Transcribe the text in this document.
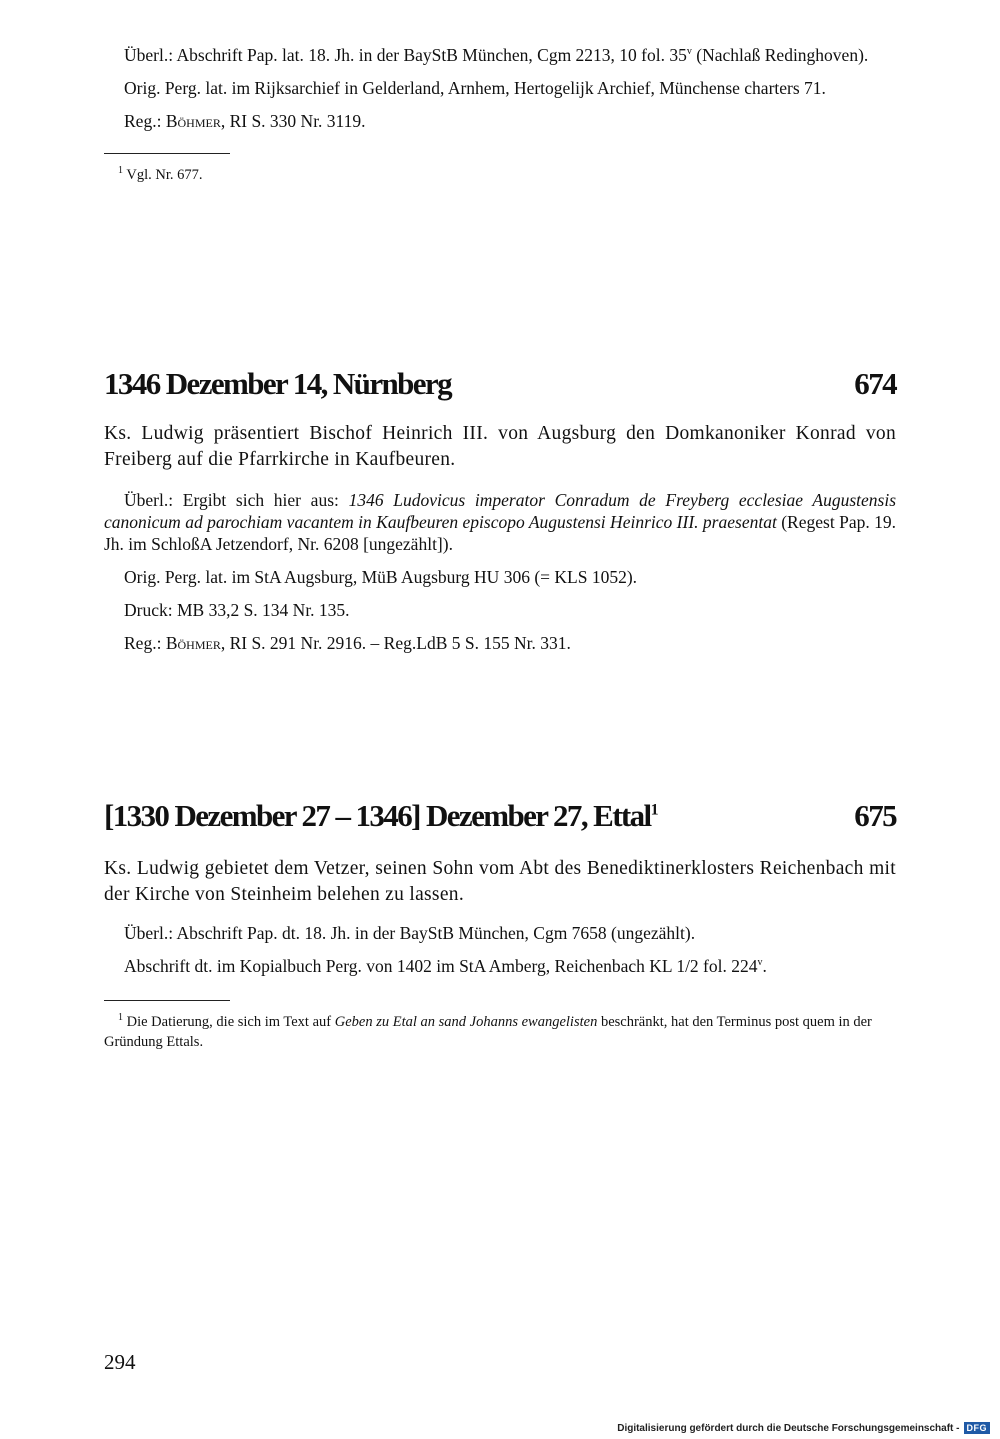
Überl.: Abschrift Pap. lat. 18. Jh. in der BayStB München, Cgm 2213, 10 fol. 35$^v$ (Nachlaß Redinghoven).

Orig. Perg. lat. im Rijksarchief in Gelderland, Arnhem, Hertogelijk Archief, Münchense charters 71.

Reg.: Böhmer, RI S. 330 Nr. 3119.

$^1$ Vgl. Nr. 677.

1346 Dezember 14, Nürnberg	674

Ks. Ludwig präsentiert Bischof Heinrich III. von Augsburg den Domkanoniker Konrad von Freiberg auf die Pfarrkirche in Kaufbeuren.

Überl.: Ergibt sich hier aus: 1346 Ludovicus imperator Conradum de Freyberg ecclesiae Augustensis canonicum ad parochiam vacantem in Kaufbeuren episcopo Augustensi Heinrico III. praesentat (Regest Pap. 19. Jh. im SchloßA Jetzendorf, Nr. 6208 [ungezählt]).

Orig. Perg. lat. im StA Augsburg, MüB Augsburg HU 306 (= KLS 1052).

Druck: MB 33,2 S. 134 Nr. 135.

Reg.: Böhmer, RI S. 291 Nr. 2916. – Reg.LdB 5 S. 155 Nr. 331.

[1330 Dezember 27 – 1346] Dezember 27, Ettal$^1$	675

Ks. Ludwig gebietet dem Vetzer, seinen Sohn vom Abt des Benediktinerklosters Reichenbach mit der Kirche von Steinheim belehen zu lassen.

Überl.: Abschrift Pap. dt. 18. Jh. in der BayStB München, Cgm 7658 (ungezählt).

Abschrift dt. im Kopialbuch Perg. von 1402 im StA Amberg, Reichenbach KL 1/2 fol. 224$^v$.

$^1$ Die Datierung, die sich im Text auf Geben zu Etal an sand Johanns ewangelisten beschränkt, hat den Terminus post quem in der Gründung Ettals.

294
Digitalisierung gefördert durch die Deutsche Forschungsgemeinschaft - DFG
